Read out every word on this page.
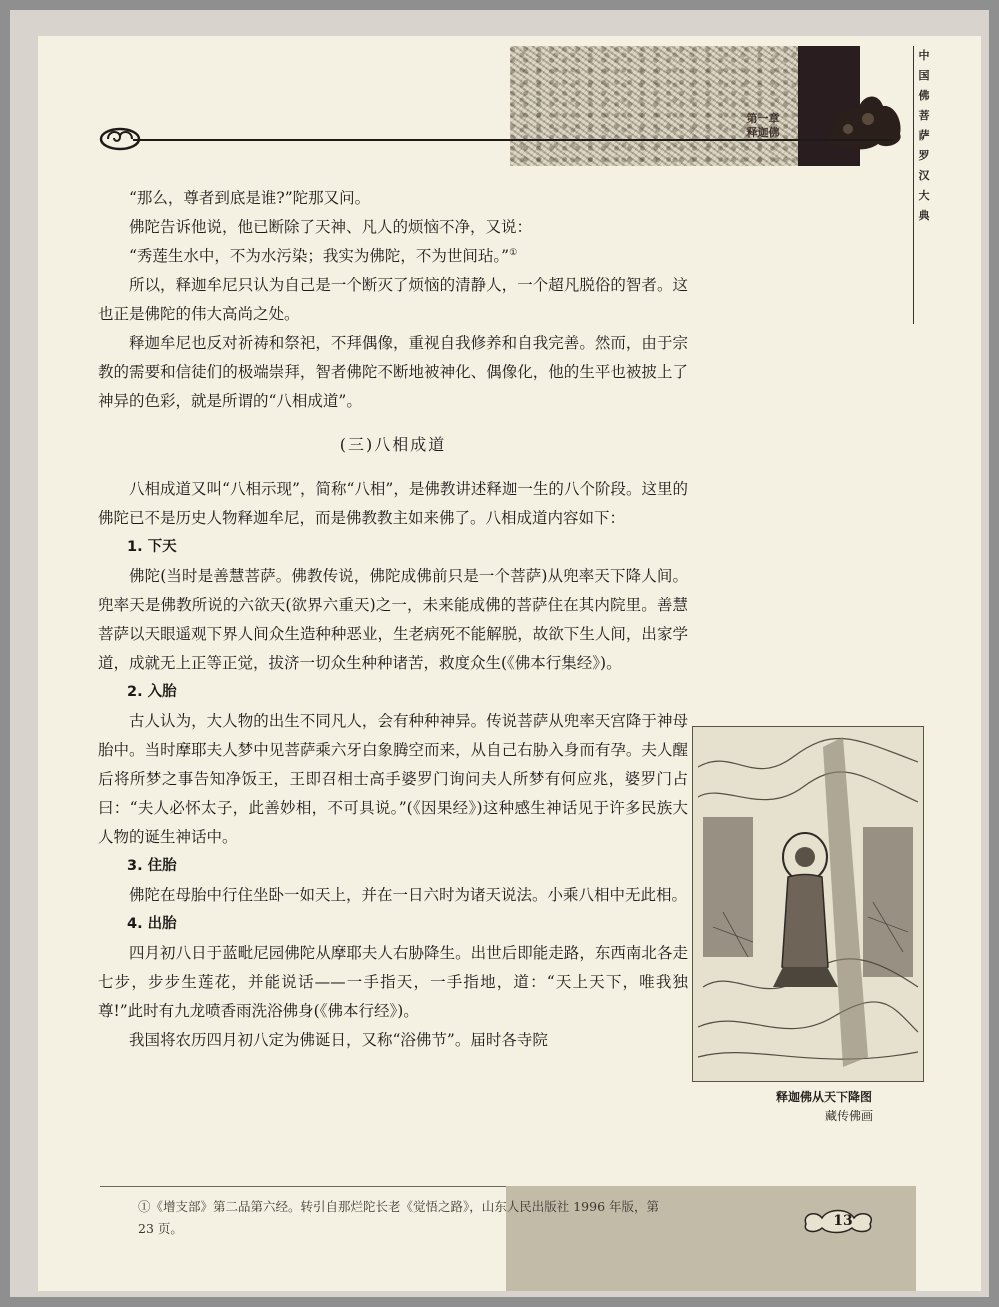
第一章
释迦佛
中国佛菩萨罗汉大典

“那么，尊者到底是谁?”陀那又问。

佛陀告诉他说，他已断除了天神、凡人的烦恼不净，又说：

“秀莲生水中，不为水污染；我实为佛陀，不为世间玷。”①

所以，释迦牟尼只认为自己是一个断灭了烦恼的清静人，一个超凡脱俗的智者。这也正是佛陀的伟大高尚之处。

释迦牟尼也反对祈祷和祭祀，不拜偶像，重视自我修养和自我完善。然而，由于宗教的需要和信徒们的极端崇拜，智者佛陀不断地被神化、偶像化，他的生平也被披上了神异的色彩，就是所谓的“八相成道”。

(三)八相成道

八相成道又叫“八相示现”，简称“八相”，是佛教讲述释迦一生的八个阶段。这里的佛陀已不是历史人物释迦牟尼，而是佛教教主如来佛了。八相成道内容如下：

1. 下天

佛陀(当时是善慧菩萨。佛教传说，佛陀成佛前只是一个菩萨)从兜率天下降人间。兜率天是佛教所说的六欲天(欲界六重天)之一，未来能成佛的菩萨住在其内院里。善慧菩萨以天眼遥观下界人间众生造种种恶业，生老病死不能解脱，故欲下生人间，出家学道，成就无上正等正觉，拔济一切众生种种诸苦，救度众生(《佛本行集经》)。

2. 入胎

古人认为，大人物的出生不同凡人，会有种种神异。传说菩萨从兜率天宫降于神母胎中。当时摩耶夫人梦中见菩萨乘六牙白象腾空而来，从自己右胁入身而有孕。夫人醒后将所梦之事告知净饭王，王即召相士高手婆罗门询问夫人所梦有何应兆，婆罗门占曰：“夫人必怀太子，此善妙相，不可具说。”(《因果经》)这种感生神话见于许多民族大人物的诞生神话中。

3. 住胎

佛陀在母胎中行住坐卧一如天上，并在一日六时为诸天说法。小乘八相中无此相。

4. 出胎

四月初八日于蓝毗尼园佛陀从摩耶夫人右胁降生。出世后即能走路，东西南北各走七步，步步生莲花，并能说话——一手指天，一手指地，道：“天上天下，唯我独尊!”此时有九龙喷香雨洗浴佛身(《佛本行经》)。

我国将农历四月初八定为佛诞日，又称“浴佛节”。届时各寺院

释迦佛从天下降图
藏传佛画
①《增支部》第二品第六经。转引自那烂陀长老《觉悟之路》，山东人民出版社 1996 年版，第 23 页。	13
